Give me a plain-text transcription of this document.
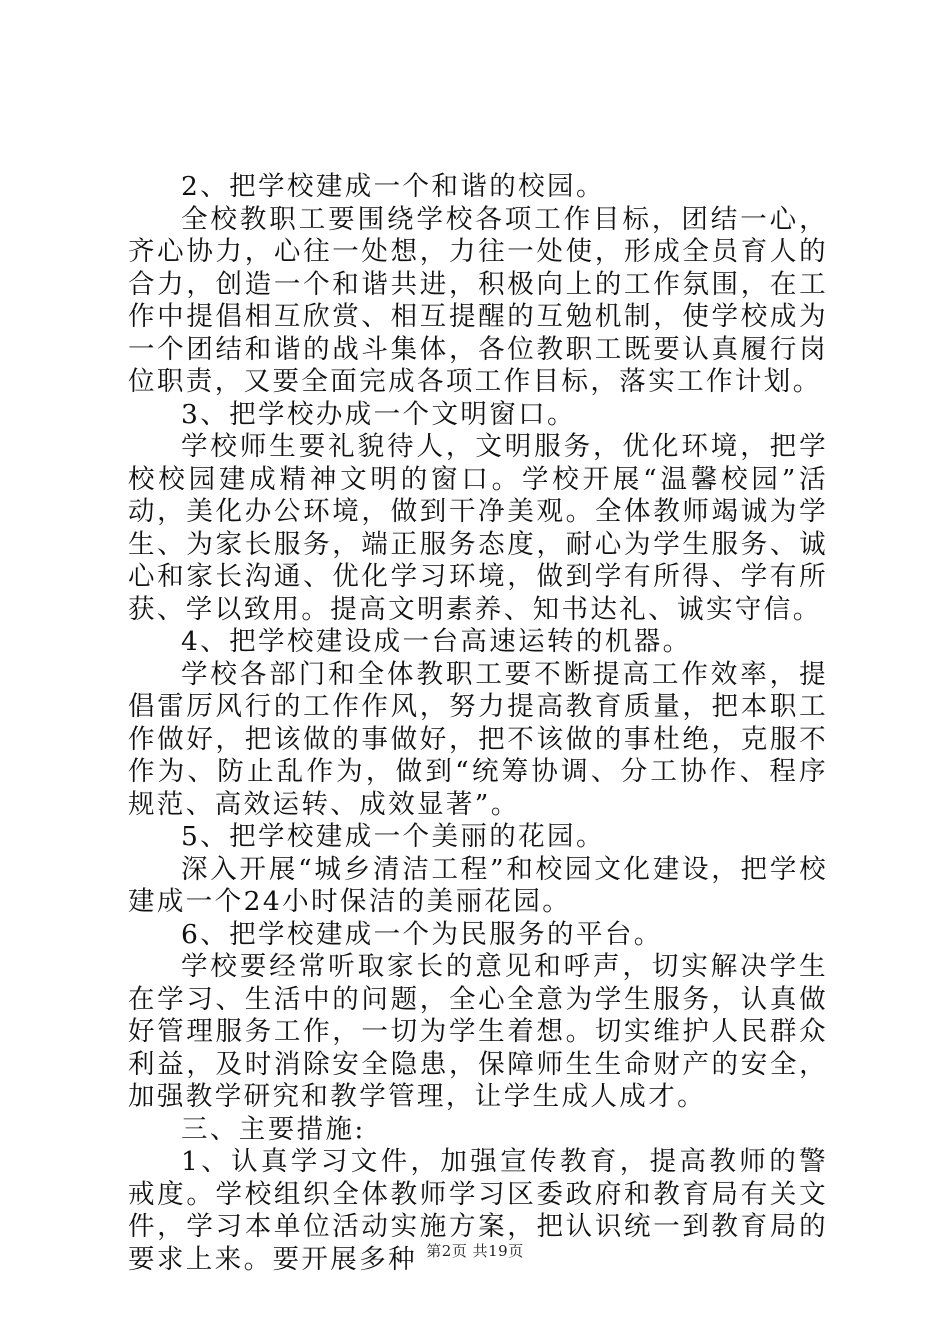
2、把学校建成一个和谐的校园。

全校教职工要围绕学校各项工作目标，团结一心，齐心协力，心往一处想，力往一处使，形成全员育人的合力，创造一个和谐共进，积极向上的工作氛围，在工作中提倡相互欣赏、相互提醒的互勉机制，使学校成为一个团结和谐的战斗集体，各位教职工既要认真履行岗位职责，又要全面完成各项工作目标，落实工作计划。

3、把学校办成一个文明窗口。

学校师生要礼貌待人，文明服务，优化环境，把学校校园建成精神文明的窗口。学校开展“温馨校园”活动，美化办公环境，做到干净美观。全体教师竭诚为学生、为家长服务，端正服务态度，耐心为学生服务、诚心和家长沟通、优化学习环境，做到学有所得、学有所获、学以致用。提高文明素养、知书达礼、诚实守信。

4、把学校建设成一台高速运转的机器。

学校各部门和全体教职工要不断提高工作效率，提倡雷厉风行的工作作风，努力提高教育质量，把本职工作做好，把该做的事做好，把不该做的事杜绝，克服不作为、防止乱作为，做到“统筹协调、分工协作、程序规范、高效运转、成效显著”。

5、把学校建成一个美丽的花园。

深入开展“城乡清洁工程”和校园文化建设，把学校建成一个24小时保洁的美丽花园。

6、把学校建成一个为民服务的平台。

学校要经常听取家长的意见和呼声，切实解决学生在学习、生活中的问题，全心全意为学生服务，认真做好管理服务工作，一切为学生着想。切实维护人民群众利益，及时消除安全隐患，保障师生生命财产的安全，加强教学研究和教学管理，让学生成人成才。

三、主要措施:

1、认真学习文件，加强宣传教育，提高教师的警戒度。学校组织全体教师学习区委政府和教育局有关文件，学习本单位活动实施方案，把认识统一到教育局的要求上来。要开展多种 第2页 共19页
